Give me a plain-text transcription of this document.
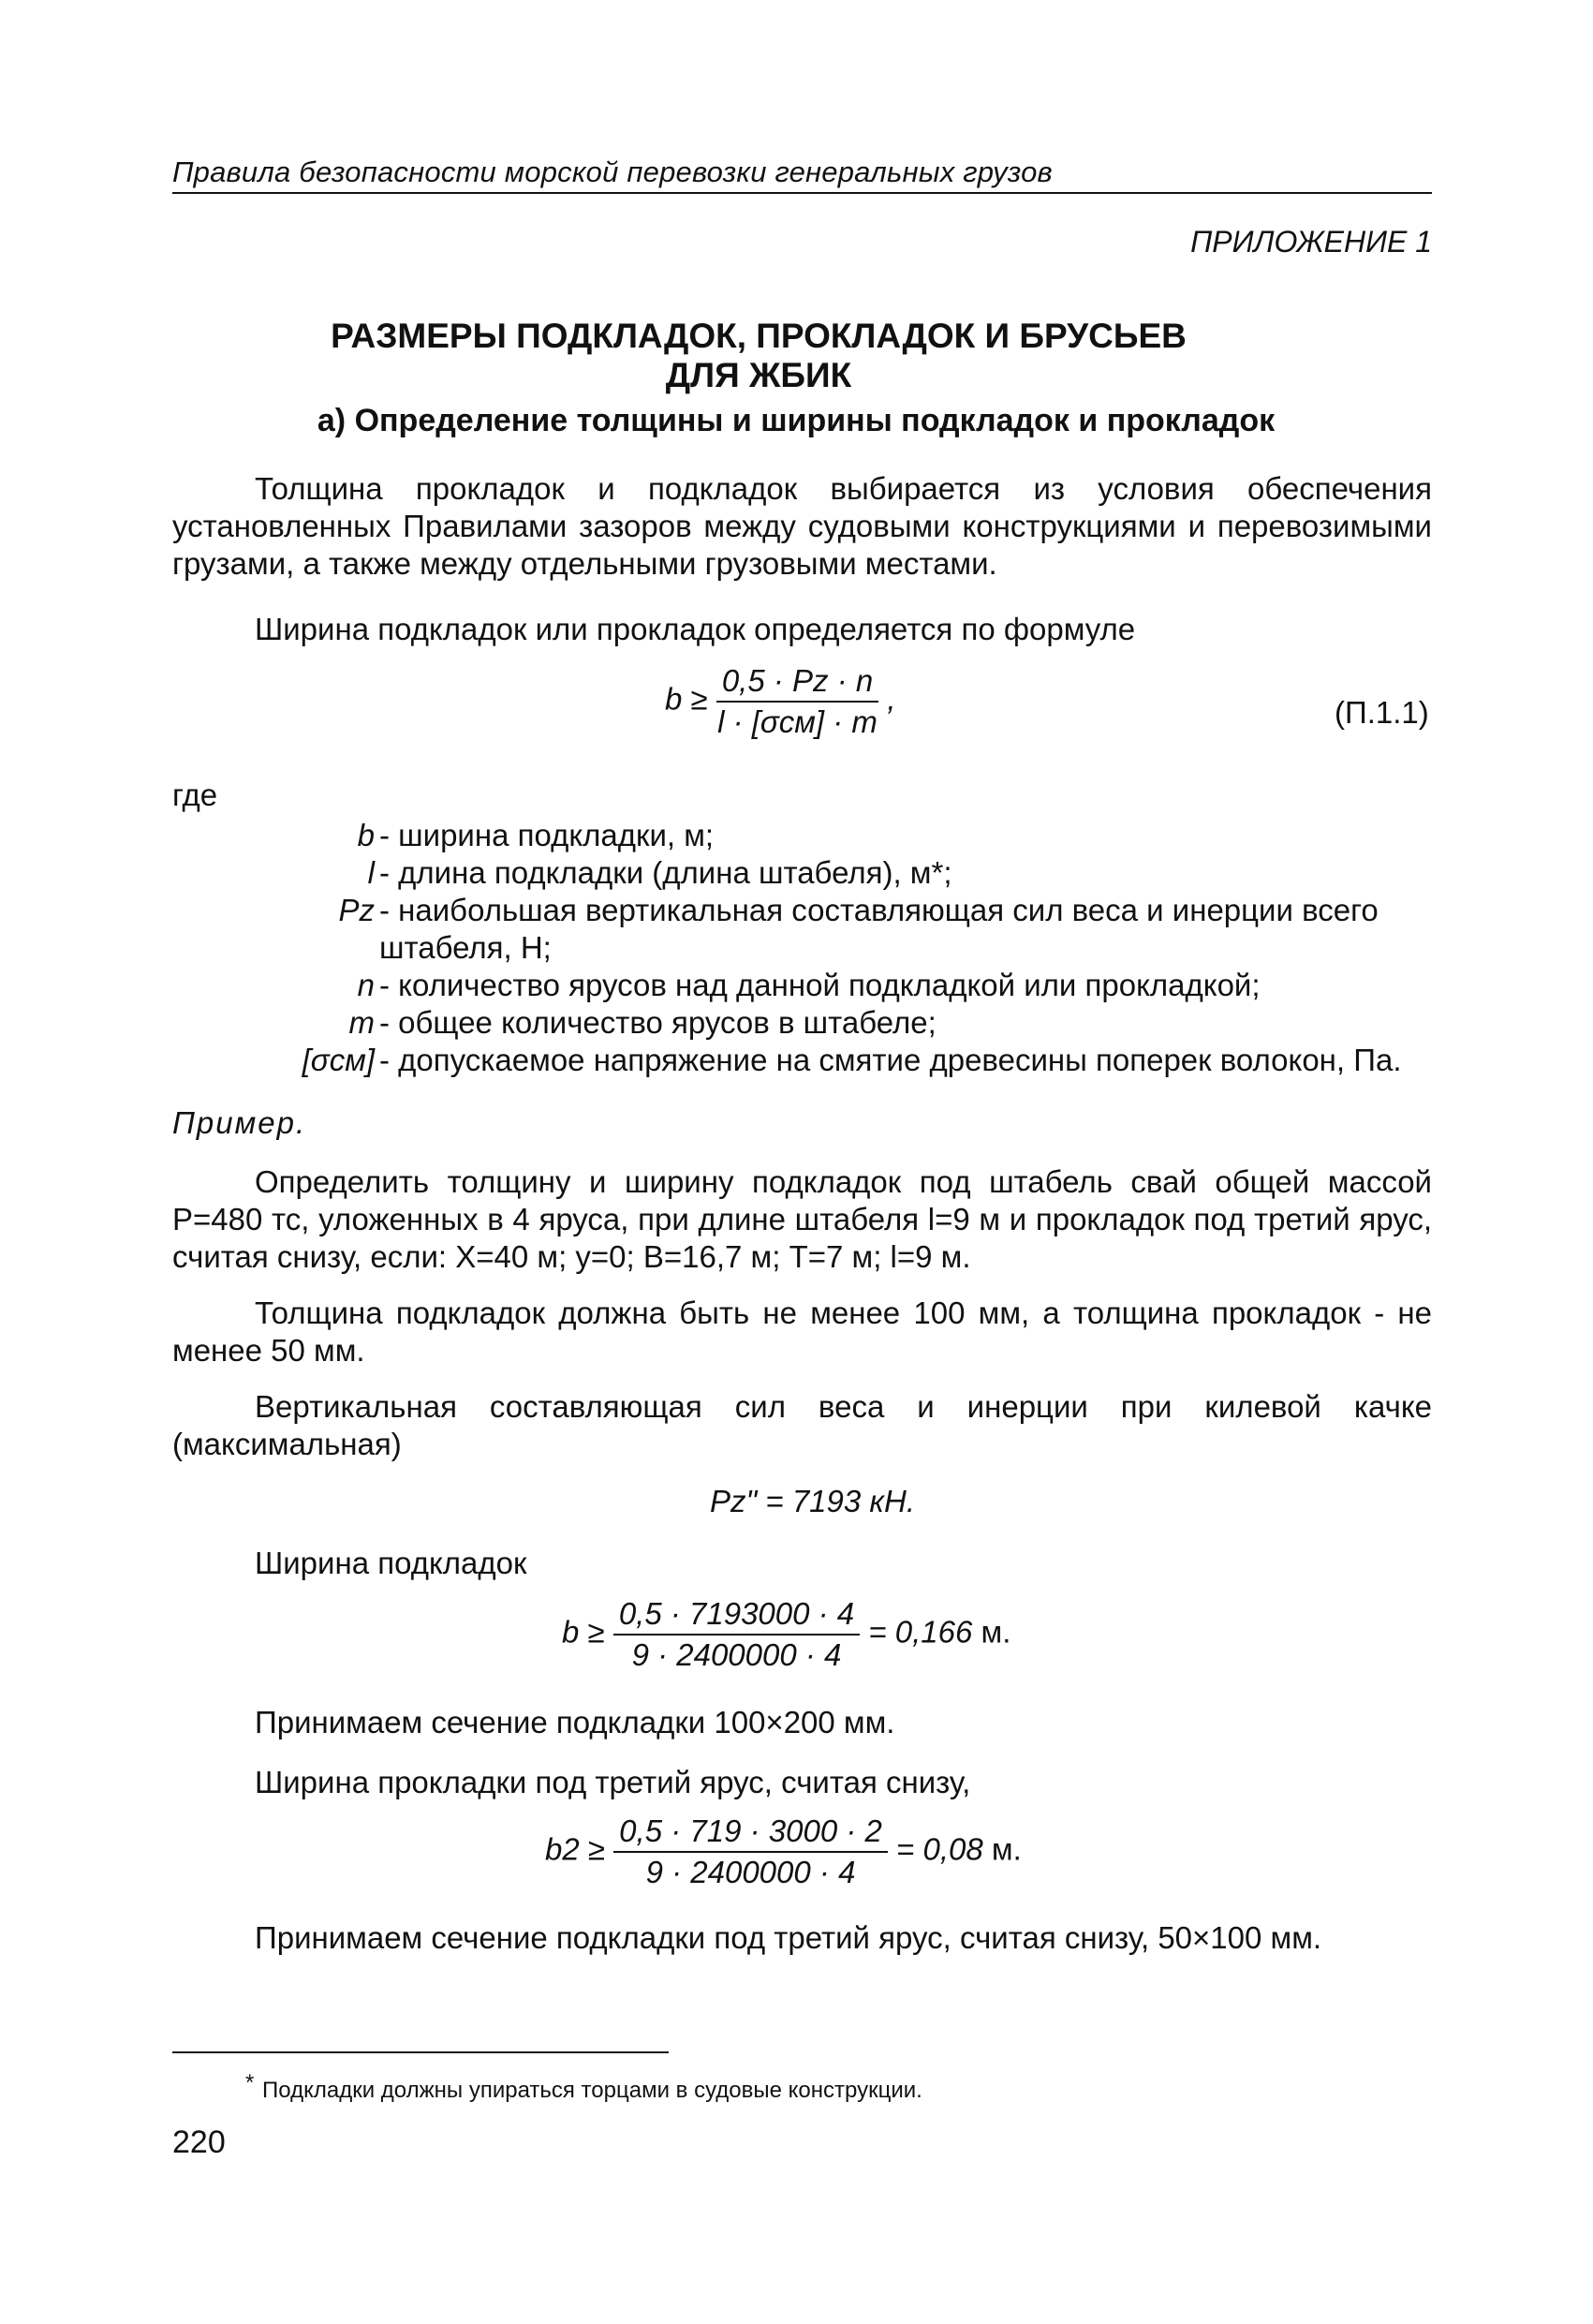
Правила безопасности морской перевозки генеральных грузов
ПРИЛОЖЕНИЕ 1
РАЗМЕРЫ ПОДКЛАДОК, ПРОКЛАДОК И БРУСЬЕВ
ДЛЯ ЖБИК
а) Определение толщины и ширины подкладок и прокладок
Толщина прокладок и подкладок выбирается из условия обеспечения установленных Правилами зазоров между судовыми конструкциями и перевозимыми грузами, а также между отдельными грузовыми местами.
Ширина подкладок или прокладок определяется по формуле
$b \ge \frac{0,5 \cdot Pz \cdot n}{\text{l · [σсм] · m}}$ ,	(П.1.1)
где
b - ширина подкладки, м;
l - длина подкладки (длина штабеля), м*;
Pz - наибольшая вертикальная составляющая сил веса и инерции всего штабеля, Н;
n - количество ярусов над данной подкладкой или прокладкой;
m - общее количество ярусов в штабеле;
[σсм] - допускаемое напряжение на смятие древесины поперек волокон, Па.
Пример.
Определить толщину и ширину подкладок под штабель свай общей массой P=480 тс, уложенных в 4 яруса, при длине штабеля l=9 м и прокладок под третий ярус, считая снизу, если: X=40 м; y=0; B=16,7 м; T=7 м; l=9 м.
Толщина подкладок должна быть не менее 100 мм, а толщина прокладок - не менее 50 мм.
Вертикальная составляющая сил веса и инерции при килевой качке (максимальная)
Pz" = 7193 кН.
Ширина подкладок
$b \ge \frac{0,5 \cdot 7193000 \cdot 4}{9 \cdot 2400000 \cdot 4} = 0,166$ м.
Принимаем сечение подкладки 100×200 мм.
Ширина прокладки под третий ярус, считая снизу,
$b2 \ge \frac{0,5 \cdot 719 \cdot 3000 \cdot 2}{9 \cdot 2400000 \cdot 4} = 0,08$ м.
Принимаем сечение подкладки под третий ярус, считая снизу, 50×100 мм.
* Подкладки должны упираться торцами в судовые конструкции.
220
